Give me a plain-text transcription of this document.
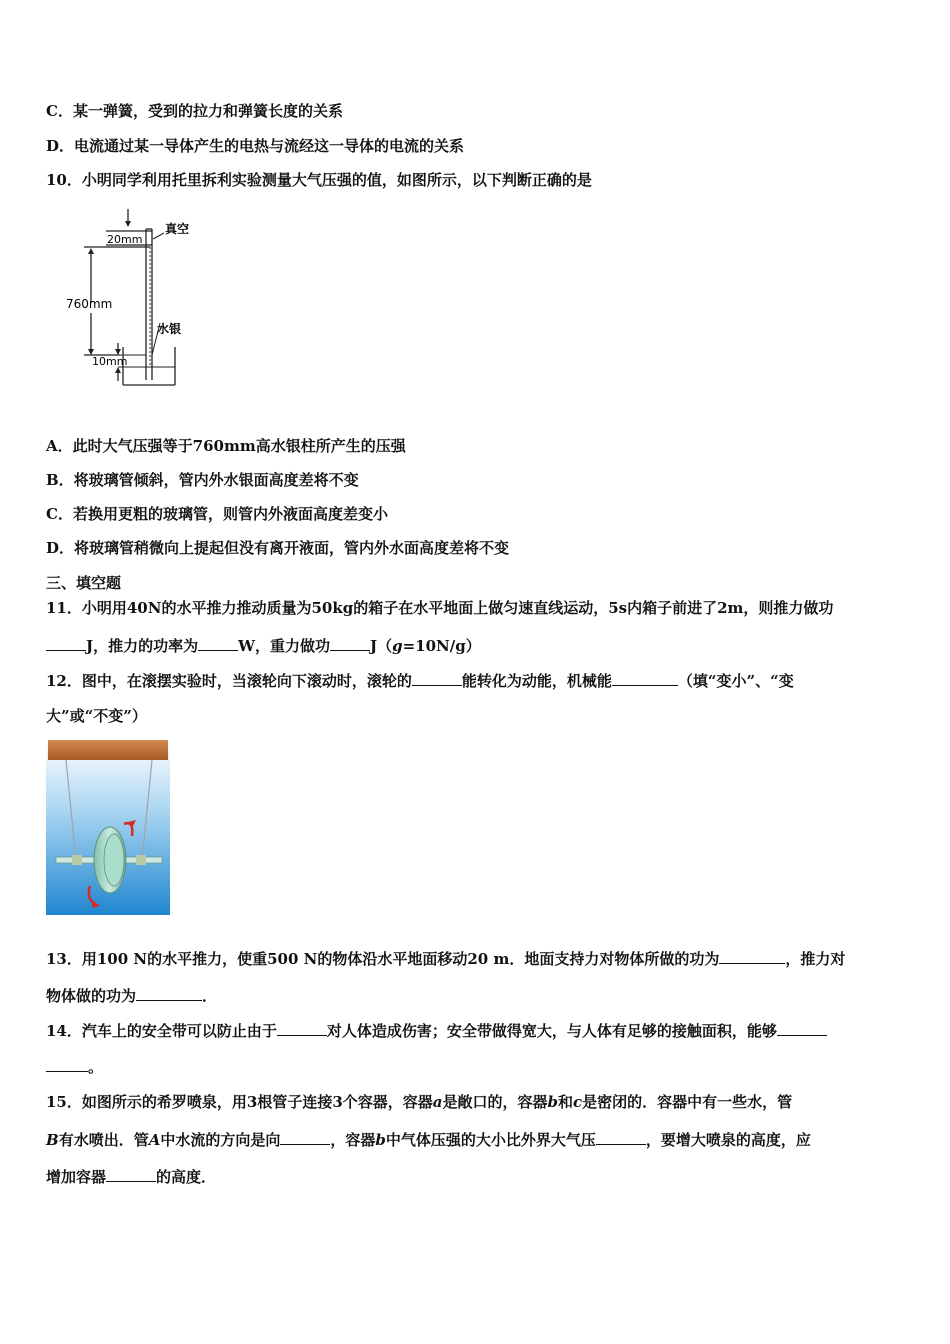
C．某一弹簧，受到的拉力和弹簧长度的关系
D．电流通过某一导体产生的电热与流经这一导体的电流的关系
10．小明同学利用托里拆利实验测量大气压强的值，如图所示，以下判断正确的是
20mm
真空
760mm
水银
10mm
A．此时大气压强等于760mm高水银柱所产生的压强
B．将玻璃管倾斜，管内外水银面高度差将不变
C．若换用更粗的玻璃管，则管内外液面高度差变小
D．将玻璃管稍微向上提起但没有离开液面，管内外水面高度差将不变
三、填空题
11．小明用40N的水平推力推动质量为50kg的箱子在水平地面上做匀速直线运动，5s内箱子前进了2m，则推力做功
J，推力的功率为	W，重力做功	J（g=10N/g）
12．图中，在滚摆实验时，当滚轮向下滚动时，滚轮的	能转化为动能，机械能	（填“变小”、“变
大”或“不变”）
13．用100 N的水平推力，使重500 N的物体沿水平地面移动20 m．地面支持力对物体所做的功为	，推力对
物体做的功为	．
14．汽车上的安全带可以防止由于	对人体造成伤害；安全带做得宽大，与人体有足够的接触面积，能够
。
15．如图所示的希罗喷泉，用3根管子连接3个容器，容器a是敞口的，容器b和c是密闭的．容器中有一些水，管
B有水喷出．管A中水流的方向是向	，容器b中气体压强的大小比外界大气压	，要增大喷泉的高度，应
增加容器	的高度．
